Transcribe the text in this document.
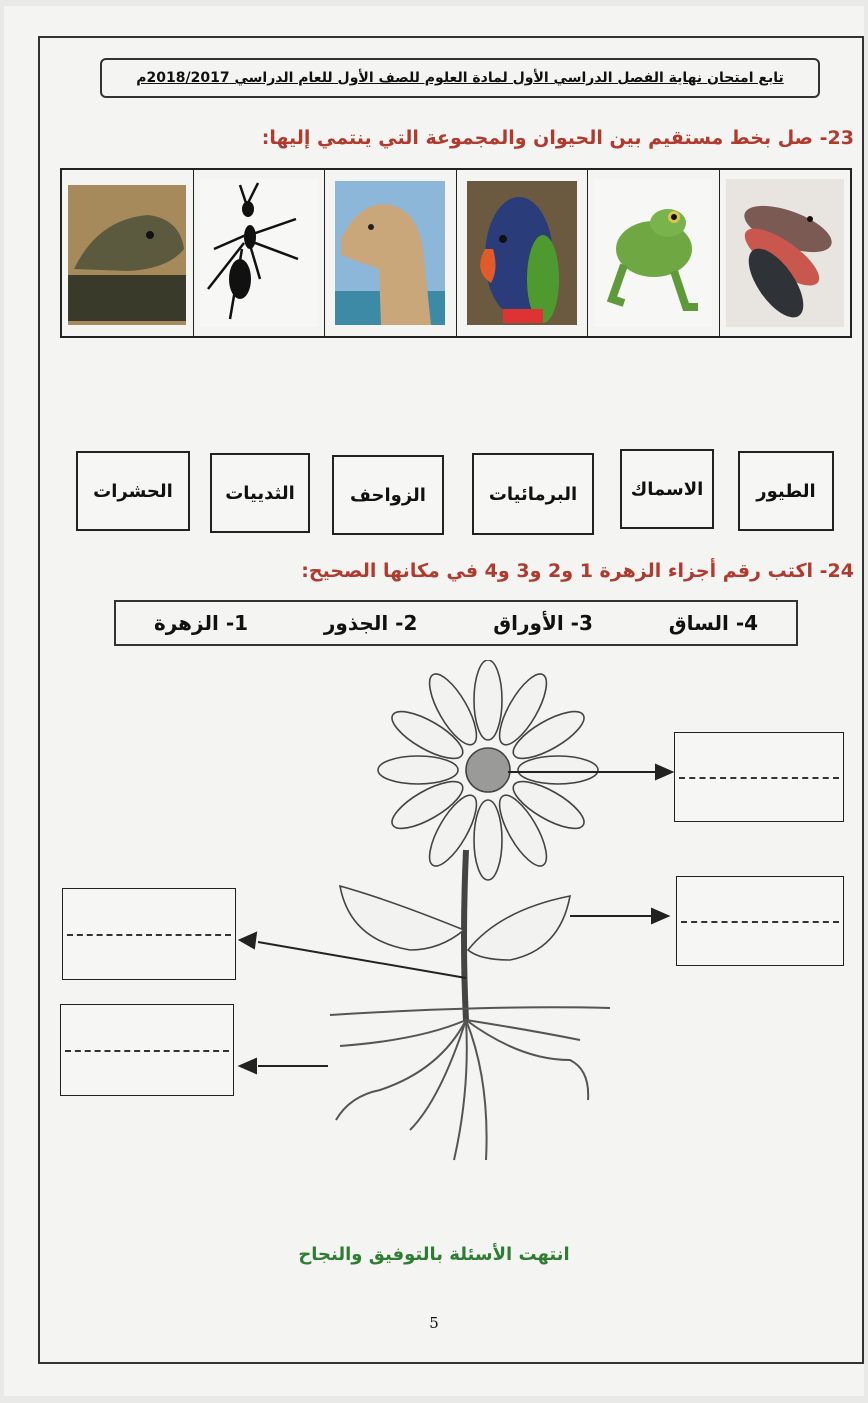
تابع امتحان نهاية الفصل الدراسي الأول لمادة العلوم للصف الأول للعام الدراسي 2018/2017م
23- صل بخط مستقيم بين الحيوان والمجموعة التي ينتمي إليها:
الطيور
الاسماك
البرمائيات
الزواحف
الثدييات
الحشرات
24- اكتب رقم أجزاء الزهرة 1 و2 و3 و4 في مكانها الصحيح:
1- الزهرة	2- الجذور	3- الأوراق	4- الساق
انتهت الأسئلة بالتوفيق والنجاح
5
